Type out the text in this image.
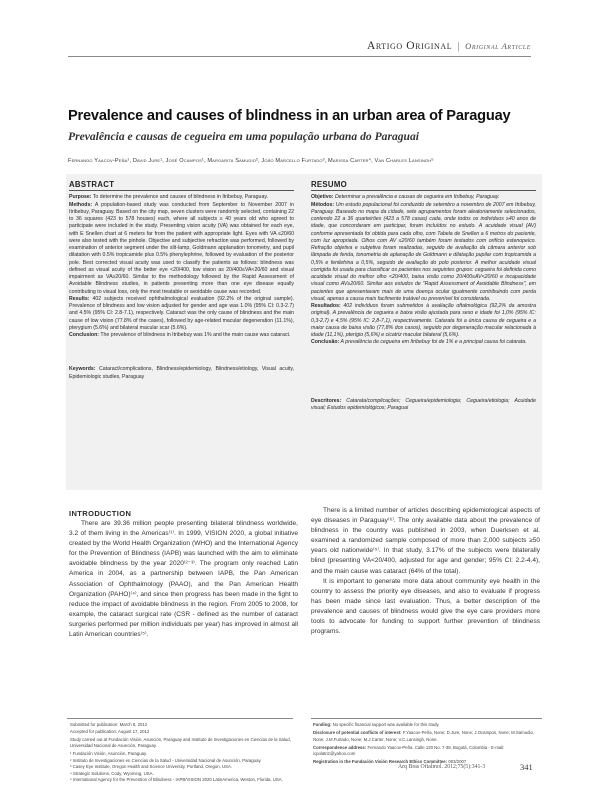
Artigo Original | Original Article
Prevalence and causes of blindness in an urban area of Paraguay
Prevalência e causas de cegueira em uma população urbana do Paraguai
Fernando Yaacov-Peña¹, David Jure¹, José Ocampos¹, Margarita Samudio², João Marcello Furtado³, Marissa Carter⁴, Van Charles Lansingh⁵
ABSTRACT

Purpose: To determine the prevalence and causes of blindness in Itribebuy, Paraguay.

Methods: A population-based study was conducted from September to November 2007 in Itribebuy, Paraguay. Based on the city map, seven clusters were randomly selected, containing 22 to 36 squares (423 to 578 houses) each, where all subjects ≥ 40 years old who agreed to participate were included in the study. Presenting vision acuity (VA) was obtained for each eye, with E Snellen chart at 6 meters far from the patient with appropriate light. Eyes with VA ≤20/60 were also tested with the pinhole. Objective and subjective refraction was performed, followed by examination of anterior segment under the slit-lamp, Goldmann applanation tonometry, and pupil dilatation with 0.5% tropicamide plus 0.5% phenylephrine, followed by evaluation of the posterior pole. Best corrected visual acuity was used to classify the patients as follows: blindness was defined as visual acuity of the better eye <20/400, low vision as 20/400≤VA<20/60 and visual impairment as VA≥20/60. Similar to the methodology followed by the Rapid Assessment of Avoidable Blindness studies, in patients presenting more than one eye disease equally contributing to visual loss, only the most treatable or avoidable cause was recorded.

Results: 402 subjects received ophthalmological evaluation (92.2% of the original sample). Prevalence of blindness and low vision adjusted for gender and age was 1.0% (95% CI: 0.3-2.7) and 4.5% (95% CI: 2.8-7.1), respectively. Cataract was the only cause of blindness and the main cause of low vision (77.8% of the cases), followed by age-related macular degeneration (11.1%), pterygium (5.6%) and bilateral macular scar (5.6%).

Conclusion: The prevalence of blindness in Itribebuy was 1% and the main cause was cataract.

Keywords: Cataract/complications, Blindness/epidemiology, Blindness/etiology, Visual acuity, Epidemiologic studies, Paraguay

RESUMO

Objetivo: Determinar a prevalência e causas de cegueira em Itribebuy, Paraguay.

Métodos: Um estudo populacional foi conduzido de setembro a novembro de 2007 em Itribebuy, Paraguay. Baseado no mapa da cidade, sete agrupamentos foram aleatoriamente selecionados, contendo 22 a 36 quarteirões (423 a 578 casas) cada, onde todos os indivíduos ≥40 anos de idade, que concordaram em participar, foram incluídos no estudo. A acuidade visual (AV) conforme apresentada foi obtida para cada olho, com Tabela de Snellen a 6 metros do paciente, com luz apropriada. Olhos com AV ≤20/60 também foram testados com orifício estenopeico. Refração objetiva e subjetiva foram realizadas, seguido de avaliação da câmara anterior sob lâmpada de fenda, tonometria de aplanação de Goldmann e dilatação pupilar com tropicamida a 0,5% e fenilefrina a 0,5%, seguido de avaliação do polo posterior. A melhor acuidade visual corrigida foi usada para classificar os pacientes nos seguintes grupos: cegueira foi definida como acuidade visual do melhor olho <20/400, baixa visão como 20/400≤AV<20/60 e incapacidade visual como AV≥20/60. Similar aos estudos de "Rapid Assessment of Avoidable Blindness", em pacientes que apresentavam mais de uma doença ocular igualmente contribuindo com perda visual, apenas a causa mais facilmente tratável ou prevenível foi considerada.

Resultados: 402 indivíduos foram submetidos à avaliação oftalmológica (92,2% da amostra original). A prevalência de cegueira e baixa visão ajustada para sexo e idade foi 1,0% (95% IC: 0,3-2,7) e 4,5% (95% IC: 2,8-7,1), respectivamente. Catarata foi a única causa de cegueira e a maior causa de baixa visão (77,8% dos casos), seguido por degeneração macular relacionada à idade (11,1%), pterígio (5,6%) e cicatriz macular bilateral (5,6%).

Conclusão: A prevalência de cegueira em Itribebuy foi de 1% e a principal causa foi catarata.

Descritores: Catarata/complicações; Cegueira/epidemiologia; Cegueira/etiologia; Acuidade visual; Estudos epidemiológicos; Paraguai

INTRODUCTION

There are 39.36 million people presenting bilateral blindness worldwide, 3.2 of them living in the Americas⁽¹⁾. In 1999, VISION 2020, a global initiative created by the World Health Organization (WHO) and the International Agency for the Prevention of Blindness (IAPB) was launched with the aim to eliminate avoidable blindness by the year 2020⁽²⁻³⁾. The program only reached Latin America in 2004, as a partnership between IAPB, the Pan American Association of Ophthalmology (PAAO), and the Pan American Health Organization (PAHO)⁽⁴⁾, and since then progress has been made in the fight to reduce the impact of avoidable blindness in the region. From 2005 to 2008, for example, the cataract surgical rate (CSR - defined as the number of cataract surgeries performed per million individuals per year) has improved in almost all Latin American countries⁽⁵⁾.

There is a limited number of articles describing epidemiological aspects of eye diseases in Paraguay⁽⁶⁾. The only available data about the prevalence of blindness in the country was published in 2003, when Duerksen et al. examined a randomized sample composed of more than 2,000 subjects ≥50 years old nationwide⁽⁵⁾. In that study, 3.17% of the subjects were bilaterally blind (presenting VA<20/400, adjusted for age and gender; 95% CI: 2.2-4.4), and the main cause was cataract (64% of the total).

It is important to generate more data about community eye health in the country to assess the priority eye diseases, and also to evaluate if progress has been made since last evaluation. Thus, a better description of the prevalence and causes of blindness would give the eye care providers more tools to advocate for funding to support further prevention of blindness programs.

Submitted for publication: March 8, 2012
Accepted for publication: August 17, 2012
Study carried out at Fundación Visión, Asunción, Paraguay and Instituto de Investigaciones en Ciencias de la Salud, Universidad Nacional de Asunción, Paraguay.
¹ Fundación Visión, Asunción, Paraguay.
² Instituto de Investigaciones en Ciencias de la Salud - Universidad Nacional de Asunción, Paraguay.
³ Casey Eye Institute, Oregon Health and Science University, Portland, Oregon, USA.
⁴ Strategic Solutions, Cody, Wyoming, USA.
⁵ International Agency for the Prevention of Blindness - IAPB/VISION 2020 LatinAmerica, Weston, Florida, USA.
Funding: No specific financial support was available for this study.
Disclosure of potential conflicts of interest: F.Yaacov-Peña, None; D.Jure, None; J.Ocampos, None; M.Samudio, None; J.M.Furtado, None; M.J.Carter, None; V.C.Lansingh, None.
Correspondence address: Fernando Yaacov-Peña. Calle 120 No. 7-38, Bogotá, Colombia - E-mail: icpolatriz@yahoo.com
Registration in the Fundación Visión Research Ethics Committee: 003/2007
Arq Bras Oftalmol. 2012;75(5):341-3	341
